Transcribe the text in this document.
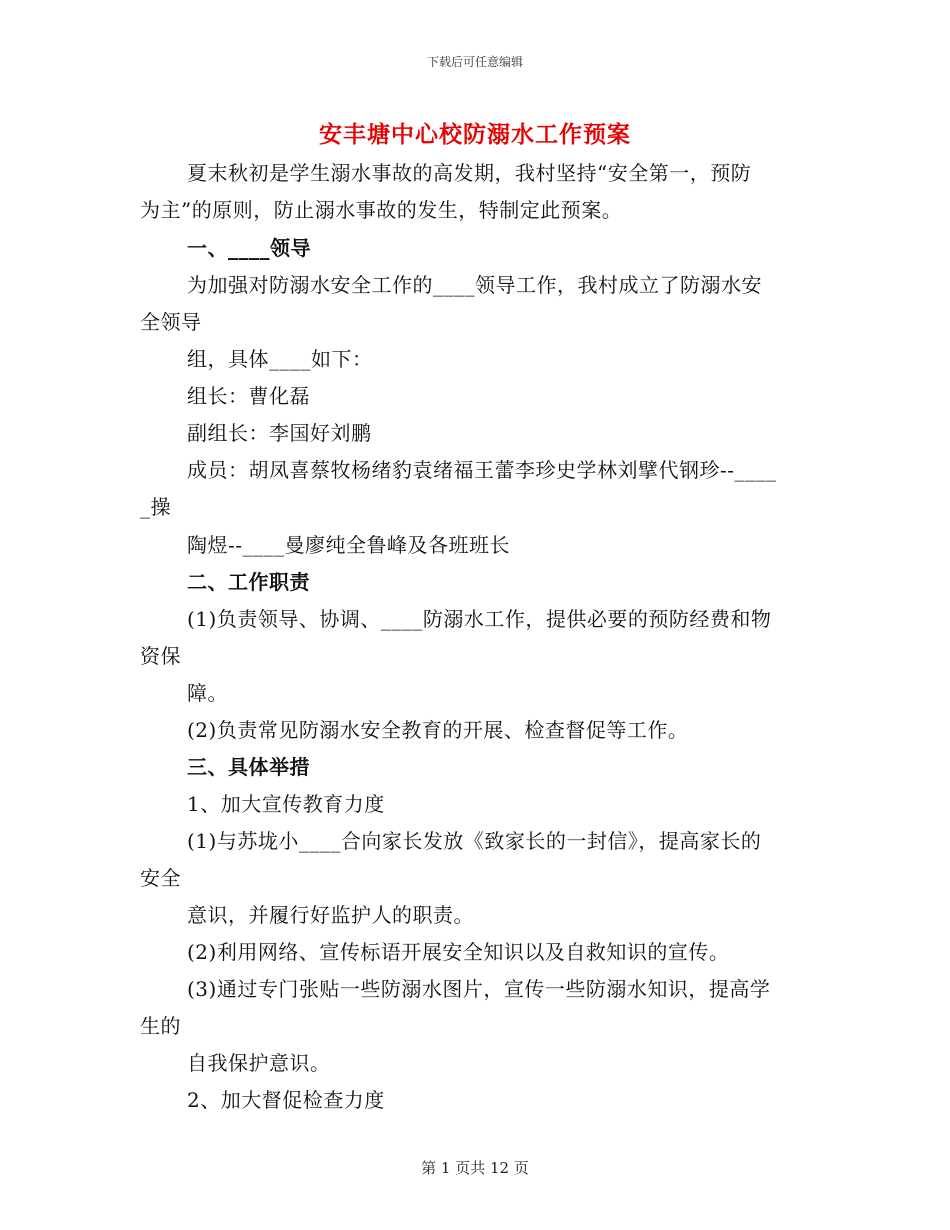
下载后可任意编辑
安丰塘中心校防溺水工作预案
夏末秋初是学生溺水事故的高发期，我村坚持“安全第一，预防
为主”的原则，防止溺水事故的发生，特制定此预案。
一、____领导
为加强对防溺水安全工作的____领导工作，我村成立了防溺水安
全领导
组，具体____如下：
组长：曹化磊
副组长：李国好刘鹏
成员：胡凤喜蔡牧杨绪豹袁绪福王蕾李珍史学林刘擘代钢珍--____
_操
陶煜--____曼廖纯全鲁峰及各班班长
二、工作职责
(1)负责领导、协调、____防溺水工作，提供必要的预防经费和物
资保
障。
(2)负责常见防溺水安全教育的开展、检查督促等工作。
三、具体举措
1、加大宣传教育力度
(1)与苏垅小____合向家长发放《致家长的一封信》，提高家长的
安全
意识，并履行好监护人的职责。
(2)利用网络、宣传标语开展安全知识以及自救知识的宣传。
(3)通过专门张贴一些防溺水图片，宣传一些防溺水知识，提高学
生的
自我保护意识。
2、加大督促检查力度
第 1 页共 12 页
